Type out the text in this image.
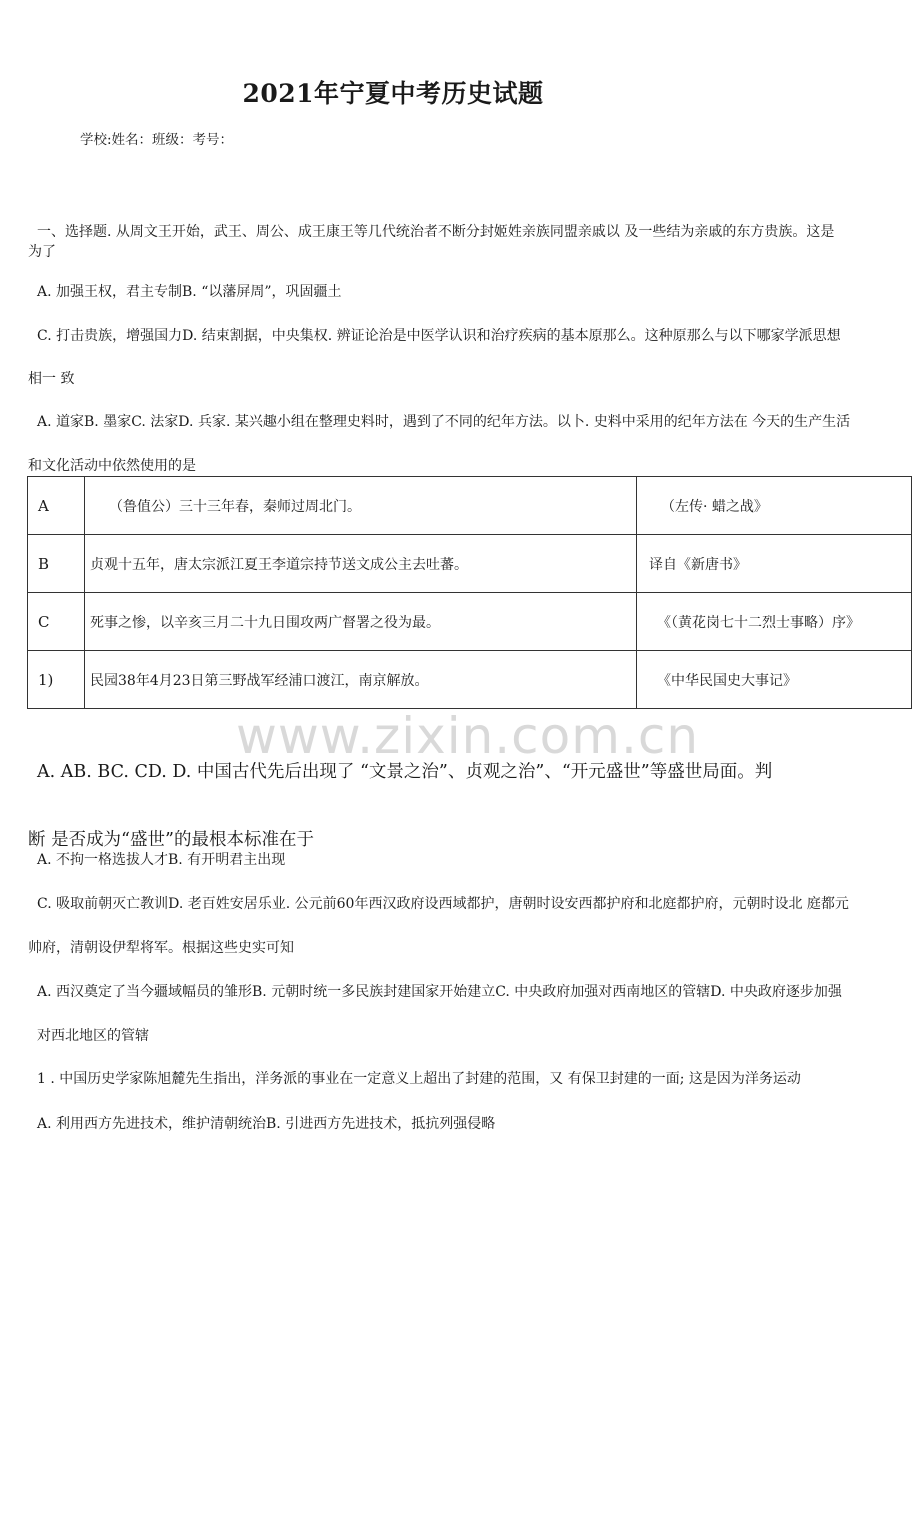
2021年宁夏中考历史试题
学校:姓名：班级：考号：
一、选择题. 从周文王开始，武王、周公、成王康王等几代统治者不断分封姬姓亲族同盟亲戚以 及一些结为亲戚的东方贵族。这是
为了
A. 加强王权，君主专制B. “以藩屏周”，巩固疆土
C. 打击贵族，增强国力D. 结束割据，中央集权. 辨证论治是中医学认识和治疗疾病的基本原那么。这种原那么与以下哪家学派思想
相一 致
A. 道家B. 墨家C. 法家D. 兵家. 某兴趣小组在整理史料时，遇到了不同的纪年方法。以卜. 史料中采用的纪年方法在 今天的生产生活
和文化活动中依然使用的是
A	（鲁值公）三十三年春，秦师过周北门。	（左传· 蜡之战》
B	贞观十五年，唐太宗派江夏王李道宗持节送文成公主去吐蕃。	译自《新唐书》
C	死事之惨，以辛亥三月二十九日围攻两广督署之役为最。	《（黄花岗七十二烈士事略）序》
1)	民园38年4月23日第三野战军经浦口渡江，南京解放。	《中华民国史大事记》
www.zixin.com.cn
A. AB. BC. CD. D. 中国古代先后出现了 “文景之治”、贞观之治”、“开元盛世”等盛世局面。判
断 是否成为“盛世”的最根本标准在于
A. 不拘一格选拔人才B. 有开明君主出现
C. 吸取前朝灭亡教训D. 老百姓安居乐业. 公元前60年西汉政府设西域都护，唐朝时设安西都护府和北庭都护府，元朝时设北 庭都元
帅府，清朝设伊犁将军。根据这些史实可知
A. 西汉奠定了当今疆域幅员的雏形B. 元朝时统一多民族封建国家开始建立C. 中央政府加强对西南地区的管辖D. 中央政府逐步加强
对西北地区的管辖
1 . 中国历史学家陈旭麓先生指出，洋务派的事业在一定意义上超出了封建的范围，又 有保卫封建的一面; 这是因为洋务运动
A. 利用西方先进技术，维护清朝统治B. 引进西方先进技术，抵抗列强侵略
